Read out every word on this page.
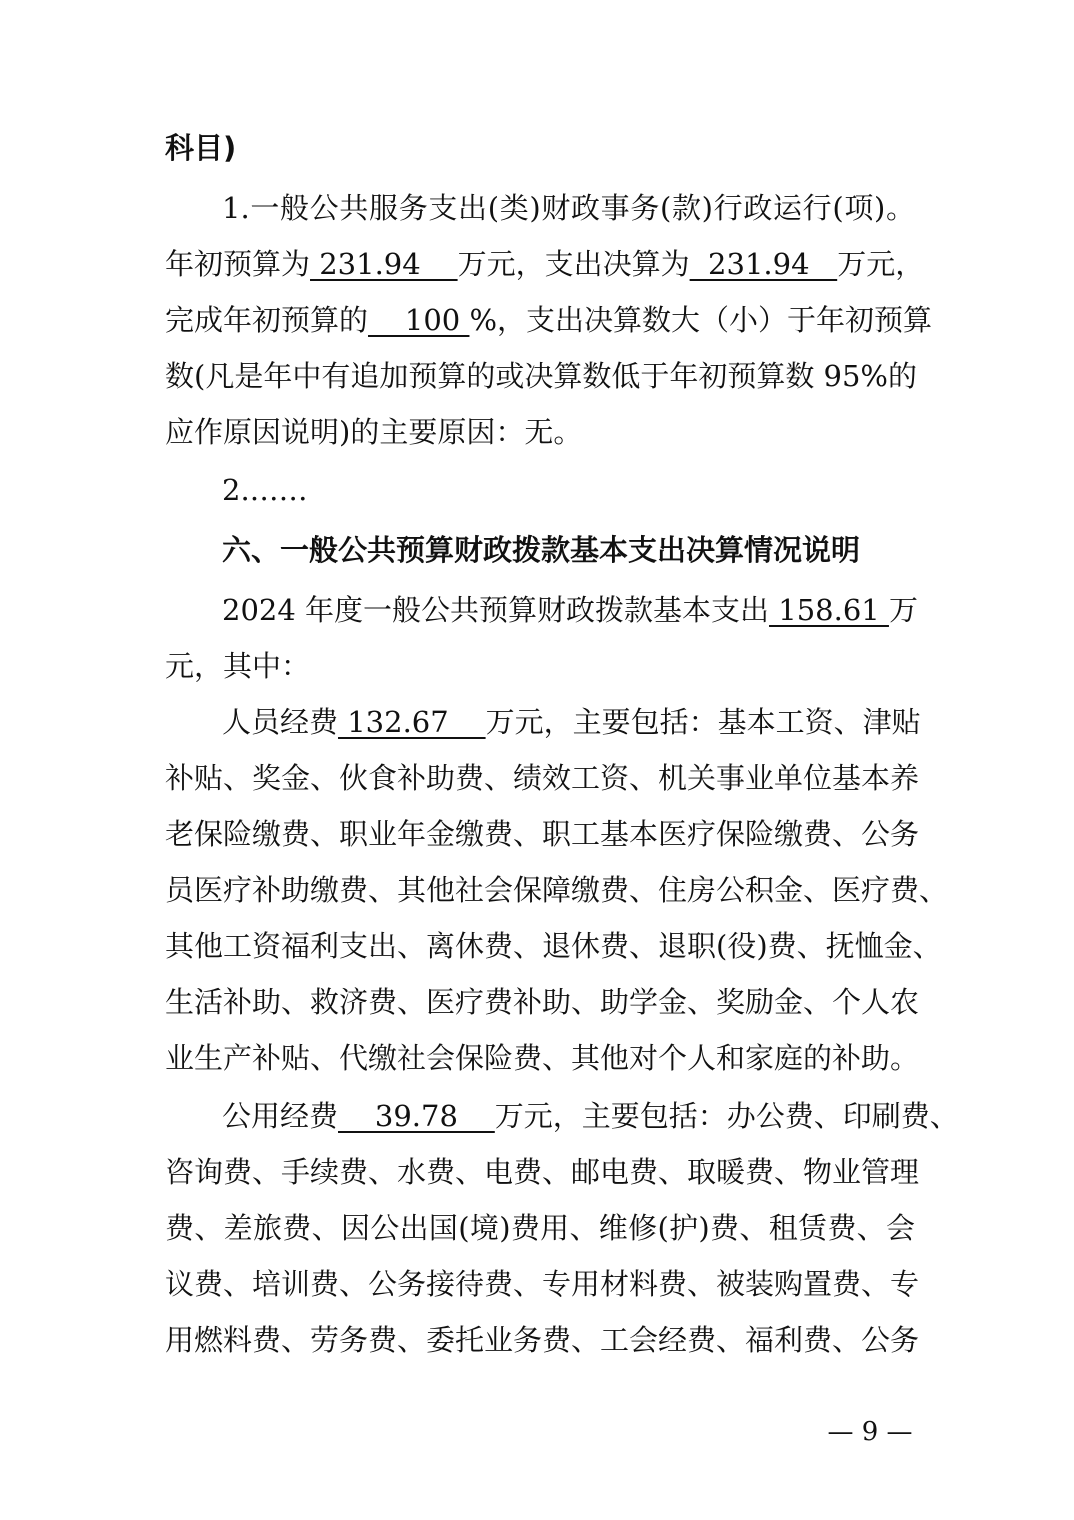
科目)
1.一般公共服务支出(类)财政事务(款)行政运行(项)。
年初预算为 231.94    万元，支出决算为  231.94   万元，
完成年初预算的    100 %，支出决算数大（小）于年初预算
数(凡是年中有追加预算的或决算数低于年初预算数 95%的
应作原因说明)的主要原因：无。
2.……
六、一般公共预算财政拨款基本支出决算情况说明
2024 年度一般公共预算财政拨款基本支出 158.61 万
元，其中：
人员经费 132.67    万元，主要包括：基本工资、津贴
补贴、奖金、伙食补助费、绩效工资、机关事业单位基本养
老保险缴费、职业年金缴费、职工基本医疗保险缴费、公务
员医疗补助缴费、其他社会保障缴费、住房公积金、医疗费、
其他工资福利支出、离休费、退休费、退职(役)费、抚恤金、
生活补助、救济费、医疗费补助、助学金、奖励金、个人农
业生产补贴、代缴社会保险费、其他对个人和家庭的补助。
公用经费    39.78    万元，主要包括：办公费、印刷费、
咨询费、手续费、水费、电费、邮电费、取暖费、物业管理
费、差旅费、因公出国(境)费用、维修(护)费、租赁费、会
议费、培训费、公务接待费、专用材料费、被装购置费、专
用燃料费、劳务费、委托业务费、工会经费、福利费、公务
— 9 —
